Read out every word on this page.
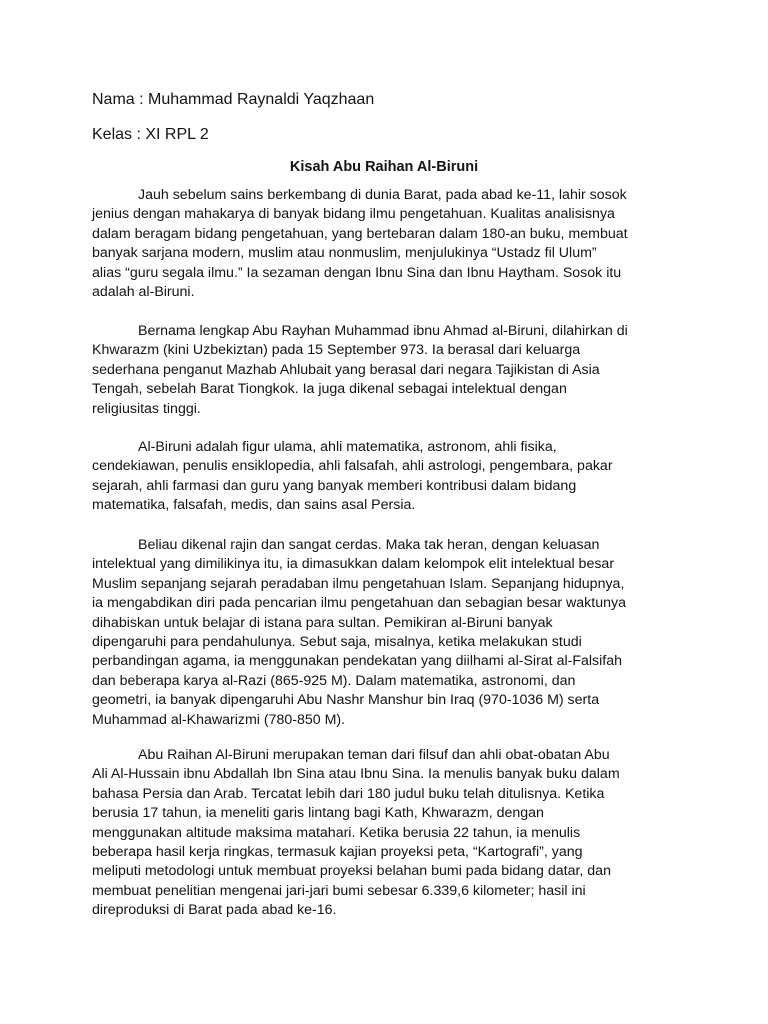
Nama : Muhammad Raynaldi Yaqzhaan
Kelas : XI RPL 2
Kisah Abu Raihan Al-Biruni

Jauh sebelum sains berkembang di dunia Barat, pada abad ke-11, lahir sosok
jenius dengan mahakarya di banyak bidang ilmu pengetahuan. Kualitas analisisnya
dalam beragam bidang pengetahuan, yang bertebaran dalam 180-an buku, membuat
banyak sarjana modern, muslim atau nonmuslim, menjulukinya “Ustadz fil Ulum”
alias “guru segala ilmu.” Ia sezaman dengan Ibnu Sina dan Ibnu Haytham. Sosok itu
adalah al-Biruni.

Bernama lengkap Abu Rayhan Muhammad ibnu Ahmad al-Biruni, dilahirkan di
Khwarazm (kini Uzbekiztan) pada 15 September 973. Ia berasal dari keluarga
sederhana penganut Mazhab Ahlubait yang berasal dari negara Tajikistan di Asia
Tengah, sebelah Barat Tiongkok. Ia juga dikenal sebagai intelektual dengan
religiusitas tinggi.

Al-Biruni adalah figur ulama, ahli matematika, astronom, ahli fisika,
cendekiawan, penulis ensiklopedia, ahli falsafah, ahli astrologi, pengembara, pakar
sejarah, ahli farmasi dan guru yang banyak memberi kontribusi dalam bidang
matematika, falsafah, medis, dan sains asal Persia.

Beliau dikenal rajin dan sangat cerdas. Maka tak heran, dengan keluasan
intelektual yang dimilikinya itu, ia dimasukkan dalam kelompok elit intelektual besar
Muslim sepanjang sejarah peradaban ilmu pengetahuan Islam. Sepanjang hidupnya,
ia mengabdikan diri pada pencarian ilmu pengetahuan dan sebagian besar waktunya
dihabiskan untuk belajar di istana para sultan. Pemikiran al-Biruni banyak
dipengaruhi para pendahulunya. Sebut saja, misalnya, ketika melakukan studi
perbandingan agama, ia menggunakan pendekatan yang diilhami al-Sirat al-Falsifah
dan beberapa karya al-Razi (865-925 M). Dalam matematika, astronomi, dan
geometri, ia banyak dipengaruhi Abu Nashr Manshur bin Iraq (970-1036 M) serta
Muhammad al-Khawarizmi (780-850 M).

Abu Raihan Al-Biruni merupakan teman dari filsuf dan ahli obat-obatan Abu
Ali Al-Hussain ibnu Abdallah Ibn Sina atau Ibnu Sina. Ia menulis banyak buku dalam
bahasa Persia dan Arab. Tercatat lebih dari 180 judul buku telah ditulisnya. Ketika
berusia 17 tahun, ia meneliti garis lintang bagi Kath, Khwarazm, dengan
menggunakan altitude maksima matahari. Ketika berusia 22 tahun, ia menulis
beberapa hasil kerja ringkas, termasuk kajian proyeksi peta, “Kartografi”, yang
meliputi metodologi untuk membuat proyeksi belahan bumi pada bidang datar, dan
membuat penelitian mengenai jari-jari bumi sebesar 6.339,6 kilometer; hasil ini
direproduksi di Barat pada abad ke-16.
